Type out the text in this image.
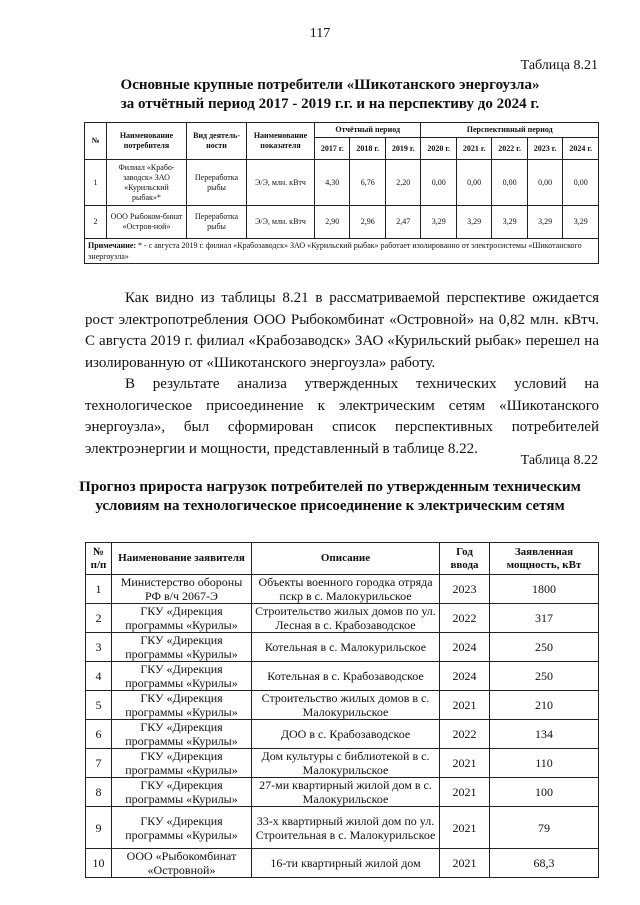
117
Таблица 8.21
Основные крупные потребители «Шикотанского энергоузла»
за отчётный период 2017 - 2019 г.г. и на перспективу до 2024 г.
№	Наименование потребителя	Вид деятель- ности	Наименование показателя	Отчётный период			Перспективный период				
				2017 г.	2018 г.	2019 г.	2020 г.	2021 г.	2022 г.	2023 г.	2024 г.
1	Филиал «Крабо-заводск» ЗАО «Курильский рыбак»*	Переработка рыбы	Э/Э, млн. кВтч	4,30	6,76	2,20	0,00	0,00	0,00	0,00	0,00
2	ООО Рыбоком-бинат «Остров-ной»	Переработка рыбы	Э/Э, млн. кВтч	2,90	2,96	2,47	3,29	3,29	3,29	3,29	3,29
Примечание: * - с августа 2019 г. филиал «Крабозаводск» ЗАО «Курильский рыбак» работает изолированно от электросистемы «Шикотанского энергоузла»											
Как видно из таблицы 8.21 в рассматриваемой перспективе ожидается рост электропотребления ООО Рыбокомбинат «Островной» на 0,82 млн. кВтч. С августа 2019 г. филиал «Крабозаводск» ЗАО «Курильский рыбак» перешел на изолированную от «Шикотанского энергоузла» работу.
В результате анализа утвержденных технических условий на технологическое присоединение к электрическим сетям «Шикотанского энергоузла», был сформирован список перспективных потребителей электроэнергии и мощности, представленный в таблице 8.22.
Таблица 8.22
Прогноз прироста нагрузок потребителей по утвержденным техническим условиям на технологическое присоединение к электрическим сетям
№ п/п	Наименование заявителя	Описание	Год ввода	Заявленная мощность, кВт
1	Министерство обороны РФ в/ч 2067-Э	Объекты военного городка отряда пскр в с. Малокурильское	2023	1800
2	ГКУ «Дирекция программы «Курилы»	Строительство жилых домов по ул. Лесная в с. Крабозаводское	2022	317
3	ГКУ «Дирекция программы «Курилы»	Котельная в с. Малокурильское	2024	250
4	ГКУ «Дирекция программы «Курилы»	Котельная в с. Крабозаводское	2024	250
5	ГКУ «Дирекция программы «Курилы»	Строительство жилых домов в с. Малокурильское	2021	210
6	ГКУ «Дирекция программы «Курилы»	ДОО в с. Крабозаводское	2022	134
7	ГКУ «Дирекция программы «Курилы»	Дом культуры с библиотекой в с. Малокурильское	2021	110
8	ГКУ «Дирекция программы «Курилы»	27-ми квартирный жилой дом в с. Малокурильское	2021	100
9	ГКУ «Дирекция программы «Курилы»	33-х квартирный жилой дом по ул. Строительная в с. Малокурильское	2021	79
10	ООО «Рыбокомбинат «Островной»	16-ти квартирный жилой дом	2021	68,3
